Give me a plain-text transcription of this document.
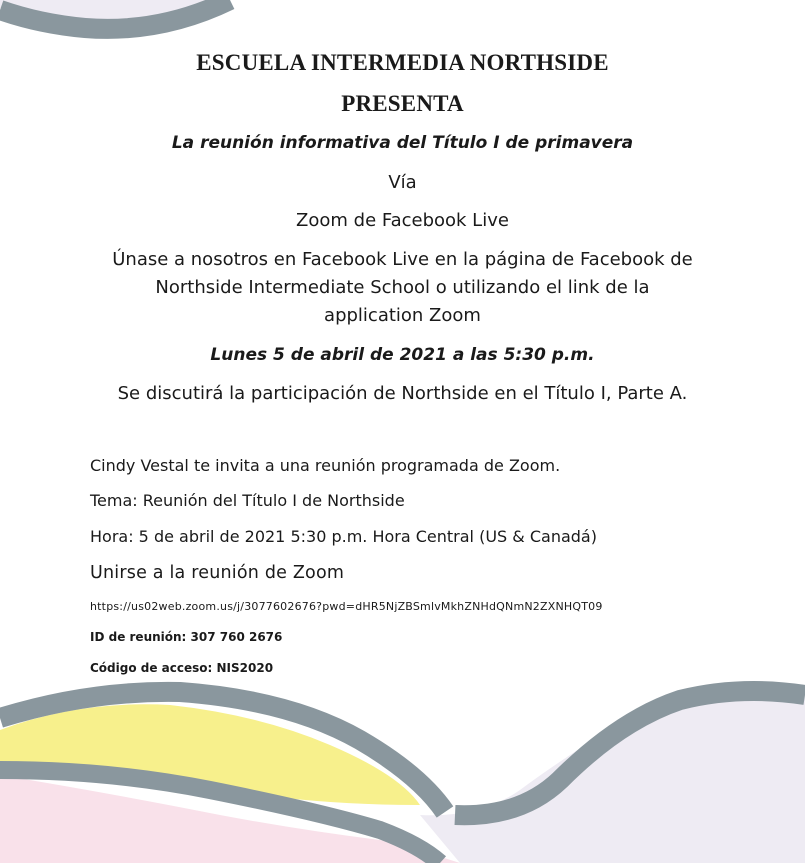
ESCUELA INTERMEDIA NORTHSIDE
PRESENTA
La reunión informativa del Título I de primavera
Vía
Zoom de Facebook Live
Únase a nosotros en Facebook Live en la página de Facebook de
Northside Intermediate School o utilizando el link de la
application Zoom
Lunes 5 de abril de 2021 a las 5:30 p.m.
Se discutirá la participación de Northside en el Título I, Parte A.
Cindy Vestal te invita a una reunión programada de Zoom.
Tema: Reunión del Título I de Northside
Hora: 5 de abril de 2021 5:30 p.m. Hora Central (US & Canadá)
Unirse a la reunión de Zoom
https://us02web.zoom.us/j/3077602676?pwd=dHR5NjZBSmlvMkhZNHdQNmN2ZXNHQT09
ID de reunión: 307 760 2676
Código de acceso: NIS2020
